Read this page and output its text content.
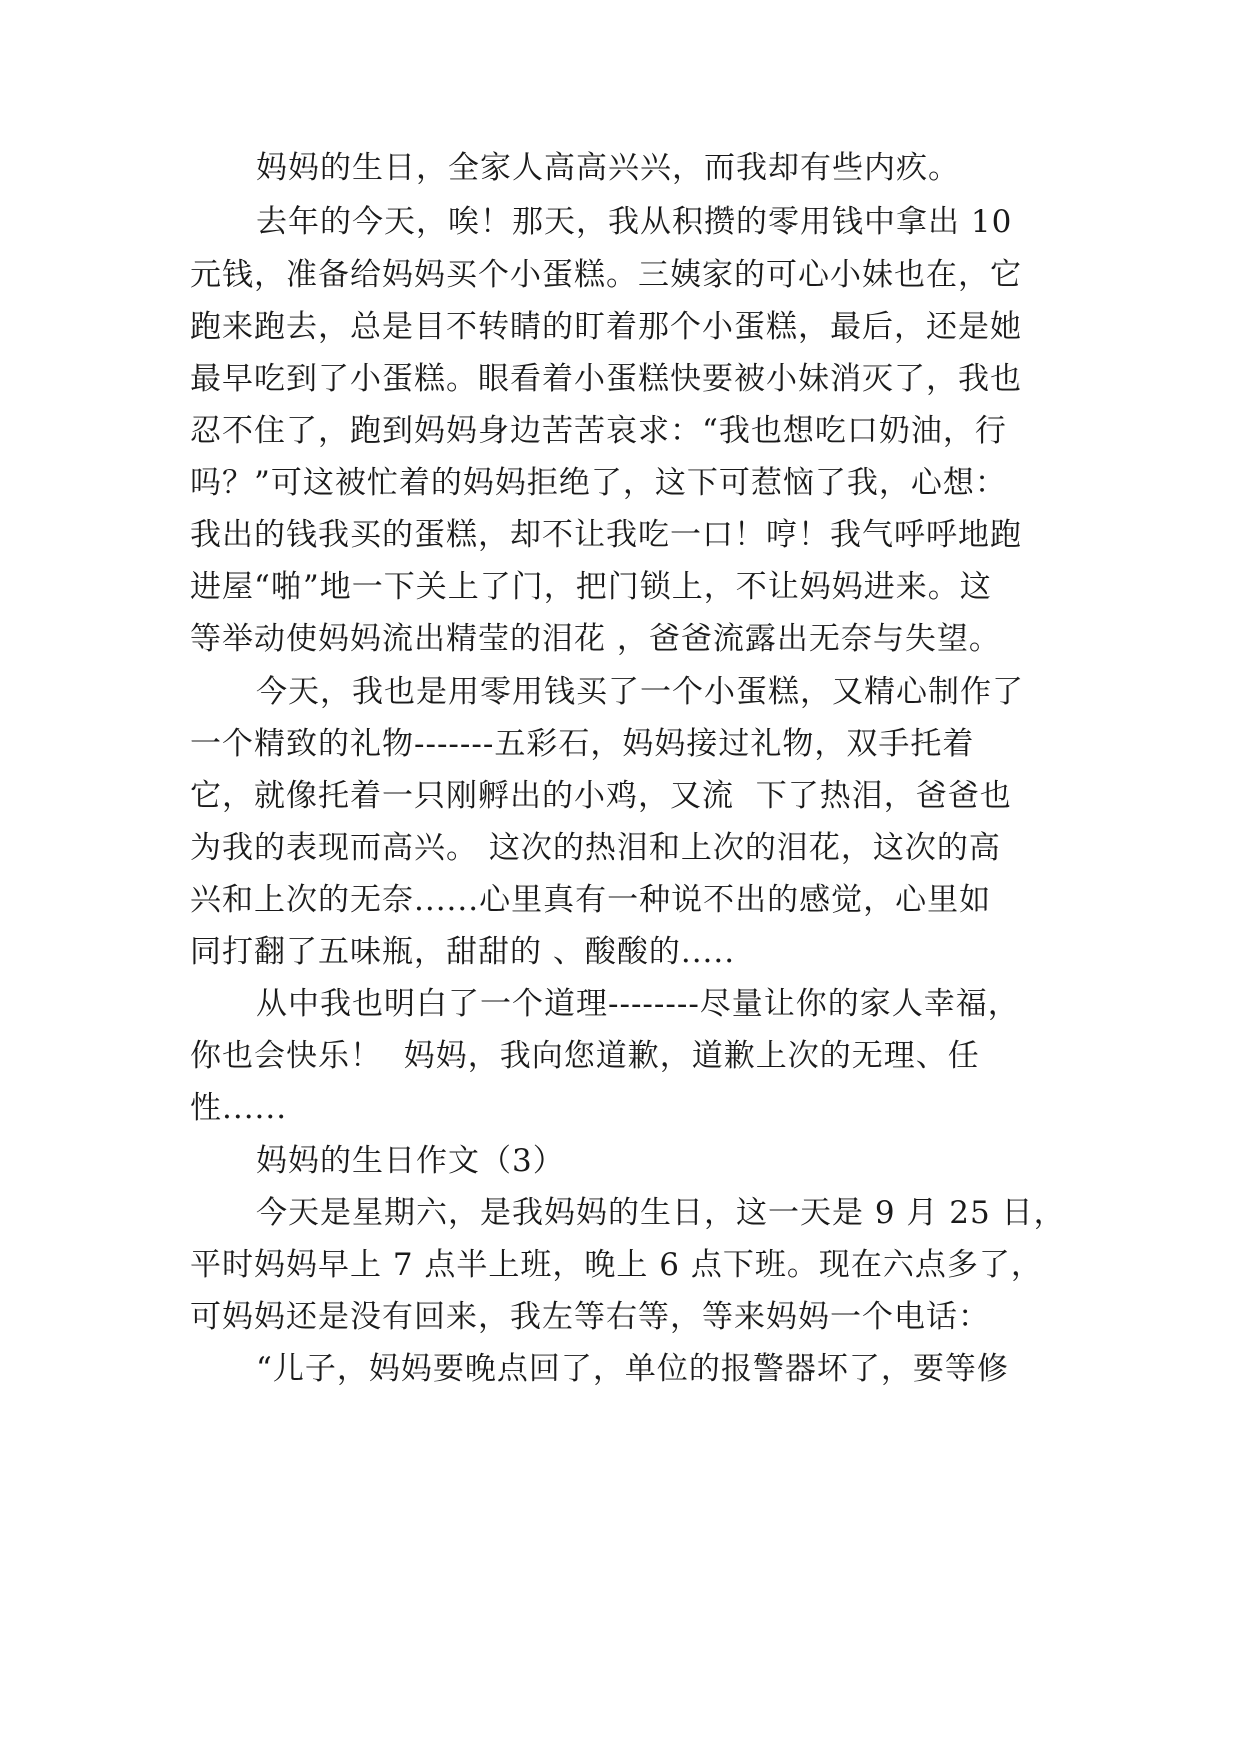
妈妈的生日，全家人高高兴兴，而我却有些内疚。
去年的今天，唉！那天，我从积攒的零用钱中拿出 10
元钱，准备给妈妈买个小蛋糕。三姨家的可心小妹也在，它
跑来跑去，总是目不转睛的盯着那个小蛋糕，最后，还是她
最早吃到了小蛋糕。眼看着小蛋糕快要被小妹消灭了，我也
忍不住了，跑到妈妈身边苦苦哀求：“我也想吃口奶油，行
吗？”可这被忙着的妈妈拒绝了，这下可惹恼了我，心想：
我出的钱我买的蛋糕，却不让我吃一口！哼！我气呼呼地跑
进屋“啪”地一下关上了门，把门锁上，不让妈妈进来。这
等举动使妈妈流出精莹的泪花 ，爸爸流露出无奈与失望。
今天，我也是用零用钱买了一个小蛋糕，又精心制作了
一个精致的礼物-------五彩石，妈妈接过礼物，双手托着
它，就像托着一只刚孵出的小鸡，又流  下了热泪，爸爸也
为我的表现而高兴。 这次的热泪和上次的泪花，这次的高
兴和上次的无奈......心里真有一种说不出的感觉，心里如
同打翻了五味瓶，甜甜的 、酸酸的.....
从中我也明白了一个道理--------尽量让你的家人幸福，
你也会快乐！  妈妈，我向您道歉，道歉上次的无理、任
性......
妈妈的生日作文（3）
今天是星期六，是我妈妈的生日，这一天是 9 月 25 日，
平时妈妈早上 7 点半上班，晚上 6 点下班。现在六点多了，
可妈妈还是没有回来，我左等右等，等来妈妈一个电话：
“儿子，妈妈要晚点回了，单位的报警器坏了，要等修
